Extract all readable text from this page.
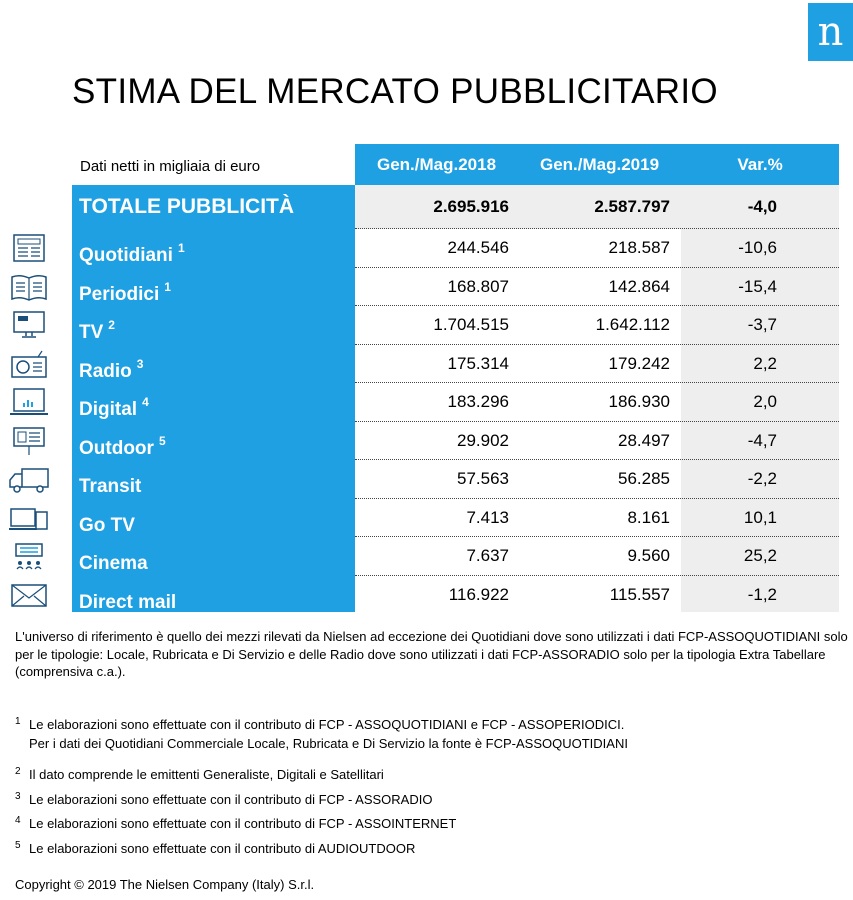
n
STIMA DEL MERCATO PUBBLICITARIO
Dati netti in migliaia di euro	Gen./Mag.2018	Gen./Mag.2019	Var.%
TOTALE PUBBLICITÀ	2.695.916	2.587.797	-4,0
Quotidiani $^1$	244.546	218.587	-10,6
Periodici $^1$	168.807	142.864	-15,4
TV $^2$	1.704.515	1.642.112	-3,7
Radio $^3$	175.314	179.242	2,2
Digital $^4$	183.296	186.930	2,0
Outdoor $^5$	29.902	28.497	-4,7
Transit	57.563	56.285	-2,2
Go TV	7.413	8.161	10,1
Cinema	7.637	9.560	25,2
Direct mail	116.922	115.557	-1,2
L'universo di riferimento è quello dei mezzi rilevati da Nielsen ad eccezione dei Quotidiani dove sono utilizzati i dati FCP-ASSOQUOTIDIANI solo per le tipologie: Locale, Rubricata e Di Servizio e delle Radio dove sono utilizzati i dati FCP-ASSORADIO solo per la tipologia Extra Tabellare (comprensiva c.a.).
1 Le elaborazioni sono effettuate con il contributo di FCP - ASSOQUOTIDIANI e FCP - ASSOPERIODICI.
Per i dati dei Quotidiani Commerciale Locale, Rubricata e Di Servizio la fonte è FCP-ASSOQUOTIDIANI
2 Il dato comprende le emittenti Generaliste, Digitali e Satellitari
3 Le elaborazioni sono effettuate con il contributo di FCP - ASSORADIO
4 Le elaborazioni sono effettuate con il contributo di FCP - ASSOINTERNET
5 Le elaborazioni sono effettuate con il contributo di AUDIOUTDOOR
Copyright © 2019 The Nielsen Company (Italy) S.r.l.
